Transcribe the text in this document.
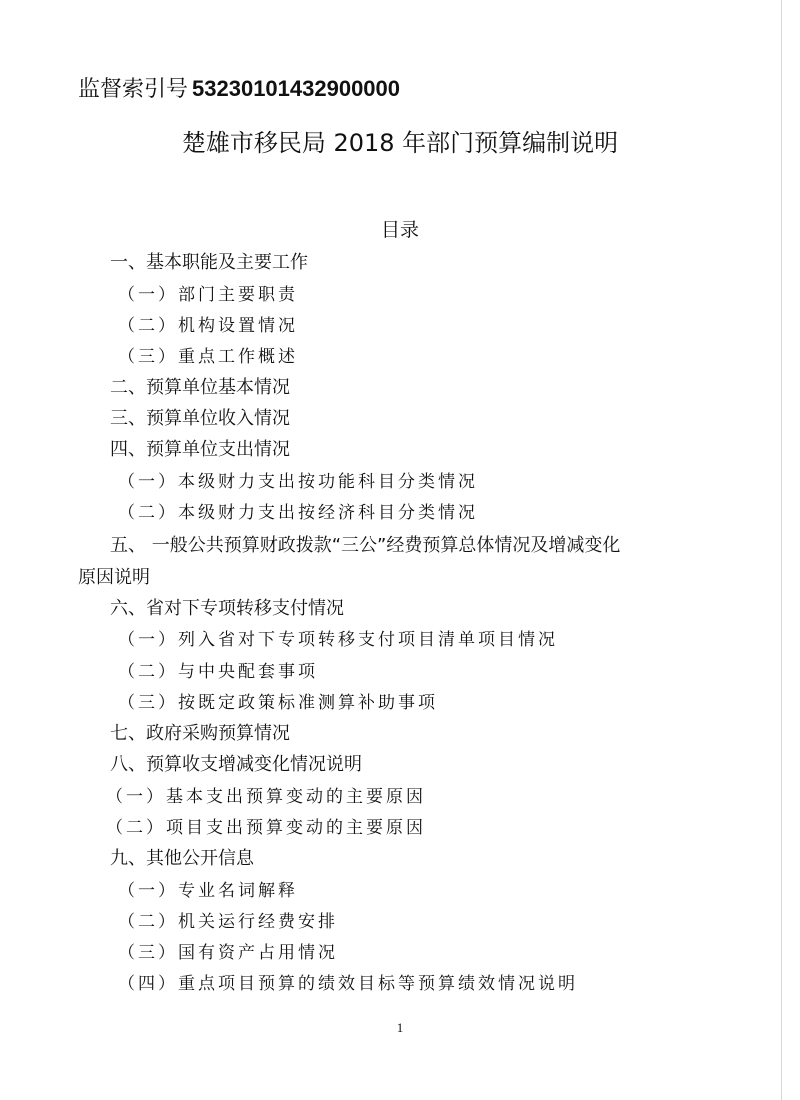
监督索引号 53230101432900000
楚雄市移民局 2018 年部门预算编制说明
目录
一、基本职能及主要工作
（一）部门主要职责
（二）机构设置情况
（三）重点工作概述
二、预算单位基本情况
三、预算单位收入情况
四、预算单位支出情况
（一）本级财力支出按功能科目分类情况
（二）本级财力支出按经济科目分类情况
五、 一般公共预算财政拨款“三公”经费预算总体情况及增减变化
原因说明
六、省对下专项转移支付情况
（一）列入省对下专项转移支付项目清单项目情况
（二）与中央配套事项
（三）按既定政策标准测算补助事项
七、政府采购预算情况
八、预算收支增减变化情况说明
（一）基本支出预算变动的主要原因
（二）项目支出预算变动的主要原因
九、其他公开信息
（一）专业名词解释
（二）机关运行经费安排
（三）国有资产占用情况
（四）重点项目预算的绩效目标等预算绩效情况说明
1
